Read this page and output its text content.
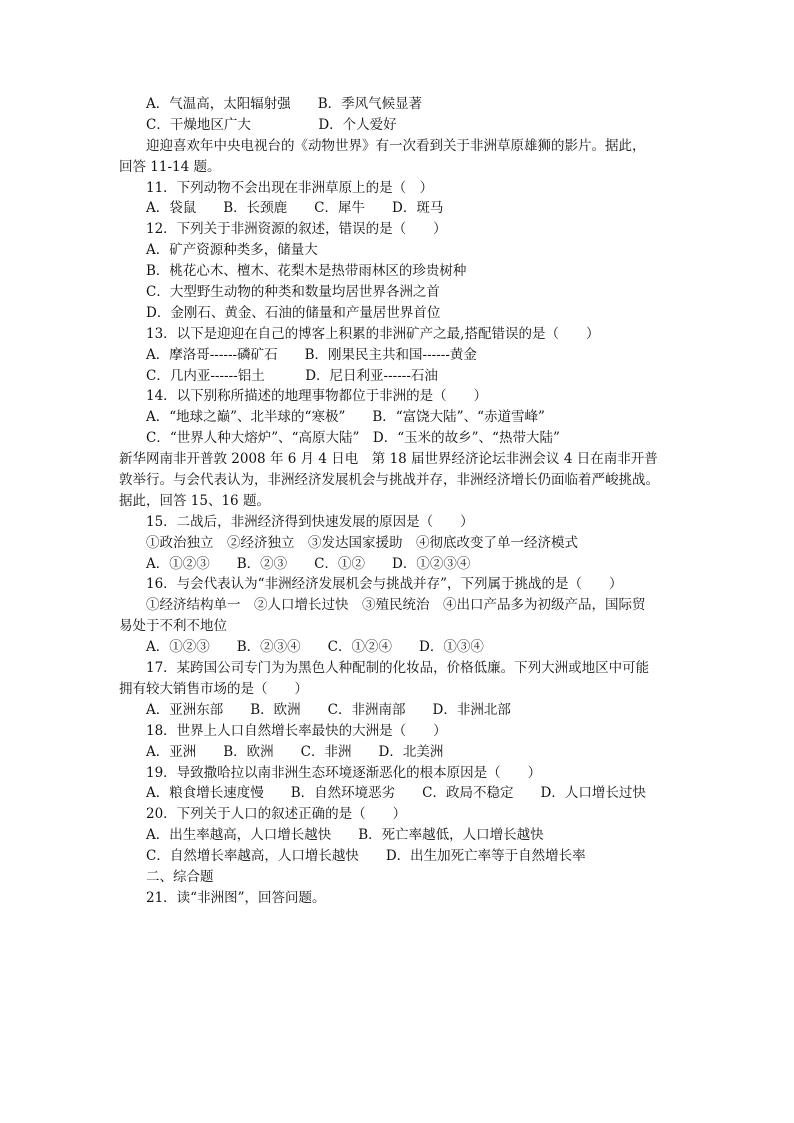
A．气温高，太阳辐射强　　B．季风气候显著
C．干燥地区广大　　　　　D．个人爱好
迎迎喜欢年中央电视台的《动物世界》有一次看到关于非洲草原雄狮的影片。据此，
回答 11-14 题。
11．下列动物不会出现在非洲草原上的是（　）
A．袋鼠　　B．长颈鹿　　C．犀牛　　D．斑马
12．下列关于非洲资源的叙述，错误的是（　　）
A．矿产资源种类多，储量大
B．桃花心木、檀木、花梨木是热带雨林区的珍贵树种
C．大型野生动物的种类和数量均居世界各洲之首
D．金刚石、黄金、石油的储量和产量居世界首位
13．以下是迎迎在自己的博客上积累的非洲矿产之最,搭配错误的是（　　）
A．摩洛哥------磷矿石　　B．刚果民主共和国------黄金
C．几内亚------铝土　　　D．尼日利亚------石油
14．以下别称所描述的地理事物都位于非洲的是（　　）
A．“地球之巅”、北半球的“寒极”　　B．“富饶大陆”、“赤道雪峰”
C．“世界人种大熔炉”、“高原大陆”　D．“玉米的故乡”、“热带大陆”
新华网南非开普敦 2008 年 6 月 4 日电　第 18 届世界经济论坛非洲会议 4 日在南非开普
敦举行。与会代表认为，非洲经济发展机会与挑战并存，非洲经济增长仍面临着严峻挑战。
据此，回答 15、16 题。
15．二战后，非洲经济得到快速发展的原因是（　　）
①政治独立　②经济独立　③发达国家援助　④彻底改变了单一经济模式
A．①②③　　B．②③　　C．①②　　D．①②③④
16．与会代表认为“非洲经济发展机会与挑战并存”，下列属于挑战的是（　　）
①经济结构单一　②人口增长过快　③殖民统治　④出口产品多为初级产品，国际贸
易处于不利不地位
A．①②③　　B．②③④　　C．①②④　　D．①③④
17．某跨国公司专门为为黑色人种配制的化妆品，价格低廉。下列大洲或地区中可能
拥有较大销售市场的是（　　）
A．亚洲东部　　B．欧洲　　C．非洲南部　　D．非洲北部
18．世界上人口自然增长率最快的大洲是（　　）
A．亚洲　　B．欧洲　　C．非洲　　D．北美洲
19．导致撒哈拉以南非洲生态环境逐渐恶化的根本原因是（　　）
A．粮食增长速度慢　　B．自然环境恶劣　　C．政局不稳定　　D．人口增长过快
20．下列关于人口的叙述正确的是（　　）
A．出生率越高，人口增长越快　　B．死亡率越低，人口增长越快
C．自然增长率越高，人口增长越快　　D．出生加死亡率等于自然增长率
二、综合题
21．读“非洲图”，回答问题。
